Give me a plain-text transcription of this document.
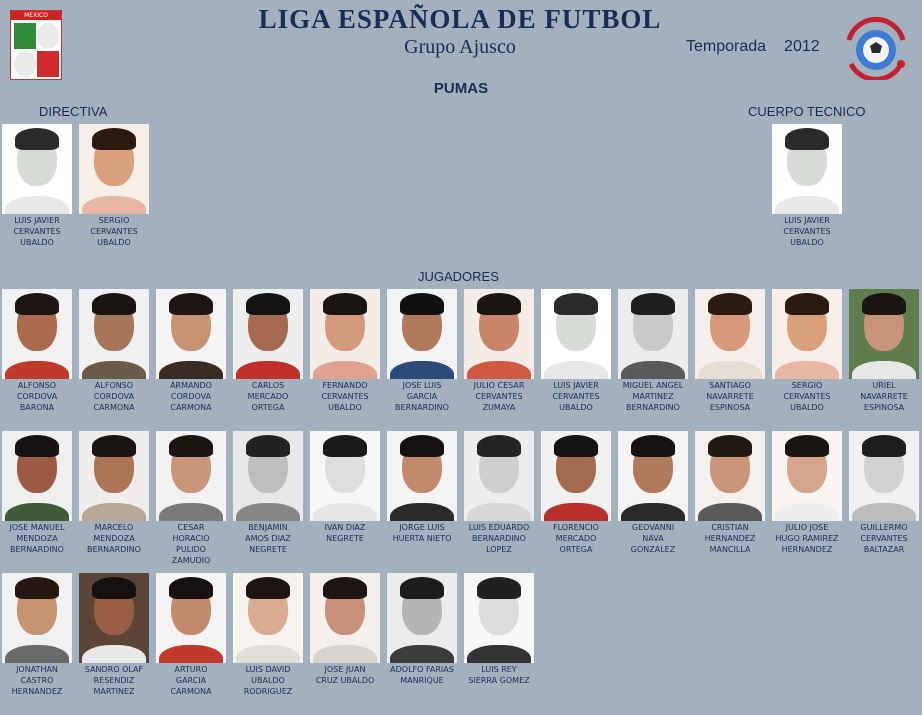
MEXICO	LIGA ESPAÑOLA DE FUTBOL
Grupo Ajusco	Temporada 2012
PUMAS
DIRECTIVA	CUERPO TECNICO
JUGADORES
LUIS JAVIER
CERVANTES
UBALDO
SERGIO
CERVANTES
UBALDO
LUIS JAVIER
CERVANTES
UBALDO
ALFONSO
CORDOVA
BARONA
ALFONSO
CORDOVA
CARMONA
ARMANDO
CORDOVA
CARMONA
CARLOS
MERCADO
ORTEGA
FERNANDO
CERVANTES
UBALDO
JOSE LUIS
GARCIA
BERNARDINO
JULIO CESAR
CERVANTES
ZUMAYA
LUIS JAVIER
CERVANTES
UBALDO
MIGUEL ANGEL
MARTINEZ
BERNARDINO
SANTIAGO
NAVARRETE
ESPINOSA
SERGIO
CERVANTES
UBALDO
URIEL
NAVARRETE
ESPINOSA
JOSE MANUEL
MENDOZA
BERNARDINO
MARCELO
MENDOZA
BERNARDINO
CESAR
HORACIO
PULIDO
ZAMUDIO
BENJAMIN
AMOS DIAZ
NEGRETE
IVAN DIAZ
NEGRETE
JORGE LUIS
HUERTA NIETO
LUIS EDUARDO
BERNARDINO
LOPEZ
FLORENCIO
MERCADO
ORTEGA
GEOVANNI
NAVA
GONZALEZ
CRISTIAN
HERNANDEZ
MANCILLA
JULIO JOSE
HUGO RAMIREZ
HERNANDEZ
GUILLERMO
CERVANTES
BALTAZAR
JONATHAN
CASTRO
HERNANDEZ
SANDRO OLAF
RESENDIZ
MARTINEZ
ARTURO
GARCIA
CARMONA
LUIS DAVID
UBALDO
RODRIGUEZ
JOSE JUAN
CRUZ UBALDO
ADOLFO FARIAS
MANRIQUE
LUIS REY
SIERRA GOMEZ
